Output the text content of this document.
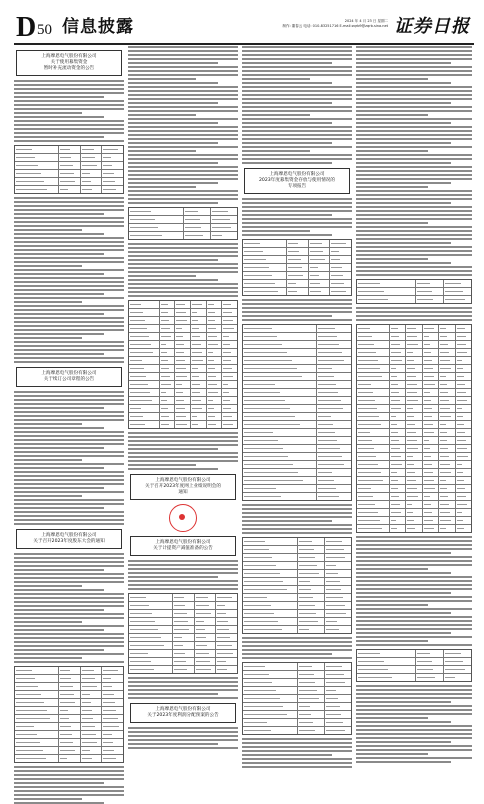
D 50 信息披露	2024 年 4 月 23 日 星期二
制作: 董春云 电话: 010-83251716 E-mail:zqrb9@zqrb.sina.net 证券日报
上海摩恩电气股份有限公司
关于使用募集资金
暂时补充流动资金的公告
上海摩恩电气股份有限公司
关于续订公司章程的公告
上海摩恩电气股份有限公司
关于召开2023年度股东大会的通知
上海摩恩电气股份有限公司
关于召开2023年度网上业绩说明会的
通知
上海摩恩电气股份有限公司
关于计提资产减值准备的公告
上海摩恩电气股份有限公司
关于2023年度利润分配预案的公告
上海摩恩电气股份有限公司
2023年度募集资金存放与使用情况的
专项报告
